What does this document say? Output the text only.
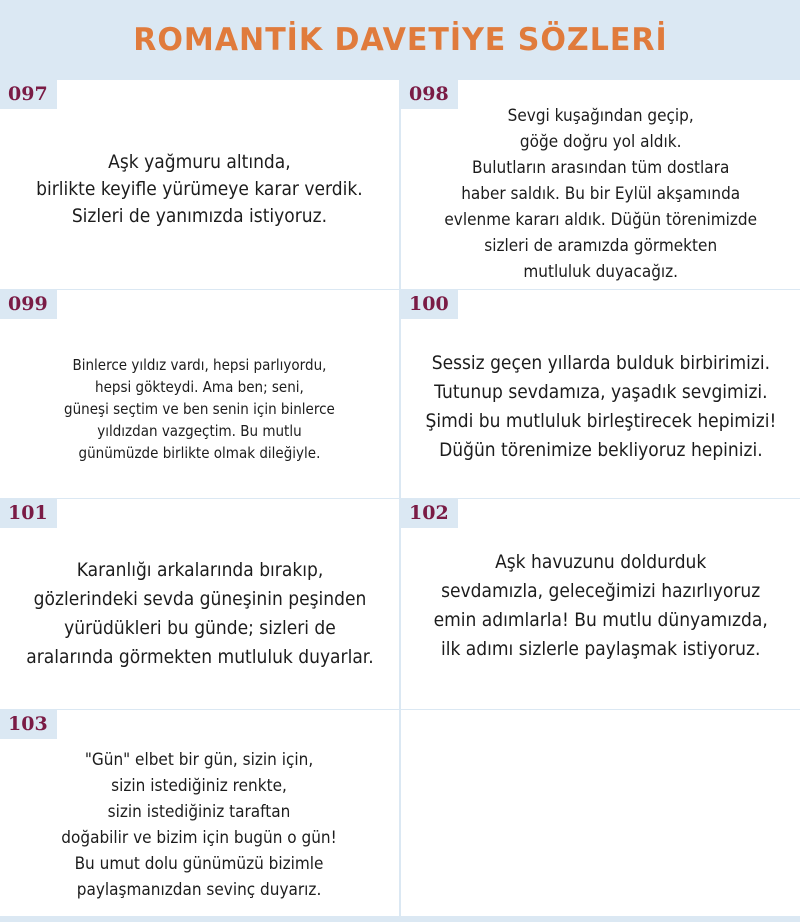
ROMANTİK DAVETİYE SÖZLERİ
097

Aşk yağmuru altında,
birlikte keyifle yürümeye karar verdik.
Sizleri de yanımızda istiyoruz.

098

Sevgi kuşağından geçip,
göğe doğru yol aldık.
Bulutların arasından tüm dostlara
haber saldık. Bu bir Eylül akşamında
evlenme kararı aldık. Düğün törenimizde
sizleri de aramızda görmekten
mutluluk duyacağız.

099

Binlerce yıldız vardı, hepsi parlıyordu,
hepsi gökteydi. Ama ben; seni,
güneşi seçtim ve ben senin için binlerce
yıldızdan vazgeçtim. Bu mutlu
günümüzde birlikte olmak dileğiyle.

100

Sessiz geçen yıllarda bulduk birbirimizi.
Tutunup sevdamıza, yaşadık sevgimizi.
Şimdi bu mutluluk birleştirecek hepimizi!
Düğün törenimize bekliyoruz hepinizi.

101

Karanlığı arkalarında bırakıp,
gözlerindeki sevda güneşinin peşinden
yürüdükleri bu günde; sizleri de
aralarında görmekten mutluluk duyarlar.

102

Aşk havuzunu doldurduk
sevdamızla, geleceğimizi hazırlıyoruz
emin adımlarla! Bu mutlu dünyamızda,
ilk adımı sizlerle paylaşmak istiyoruz.

103

"Gün" elbet bir gün, sizin için,
sizin istediğiniz renkte,
sizin istediğiniz taraftan
doğabilir ve bizim için bugün o gün!
Bu umut dolu günümüzü bizimle
paylaşmanızdan sevinç duyarız.
